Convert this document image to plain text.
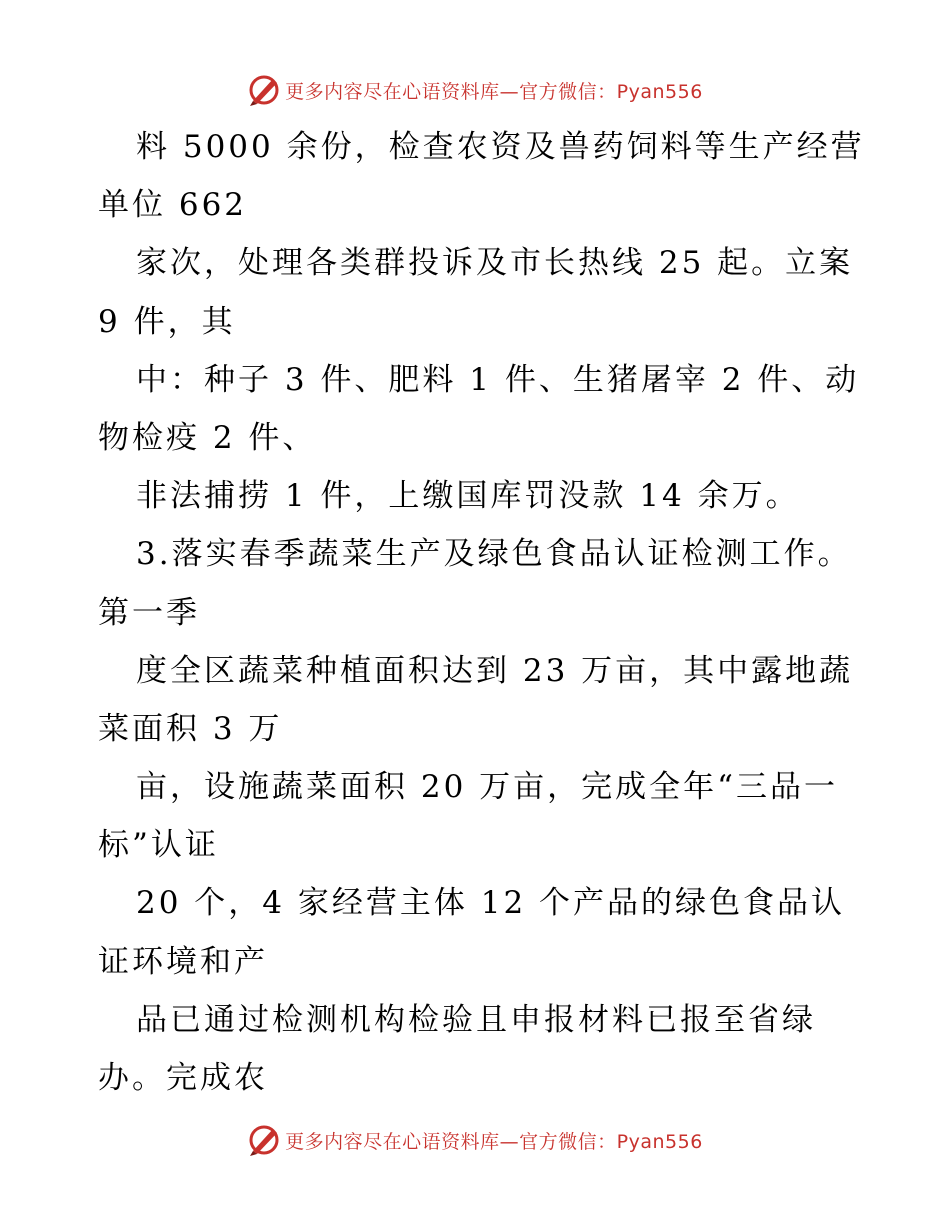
更多内容尽在心语资料库—官方微信：Pyan556
料 5000 余份，检查农资及兽药饲料等生产经营
单位 662
家次，处理各类群投诉及市长热线 25 起。立案
9 件，其
中：种子 3 件、肥料 1 件、生猪屠宰 2 件、动
物检疫 2 件、
非法捕捞 1 件，上缴国库罚没款 14 余万。
3.落实春季蔬菜生产及绿色食品认证检测工作。
第一季
度全区蔬菜种植面积达到 23 万亩，其中露地蔬
菜面积 3 万
亩，设施蔬菜面积 20 万亩，完成全年“三品一
标”认证
20 个，4 家经营主体 12 个产品的绿色食品认
证环境和产
品已通过检测机构检验且申报材料已报至省绿
办。完成农
更多内容尽在心语资料库—官方微信：Pyan556
